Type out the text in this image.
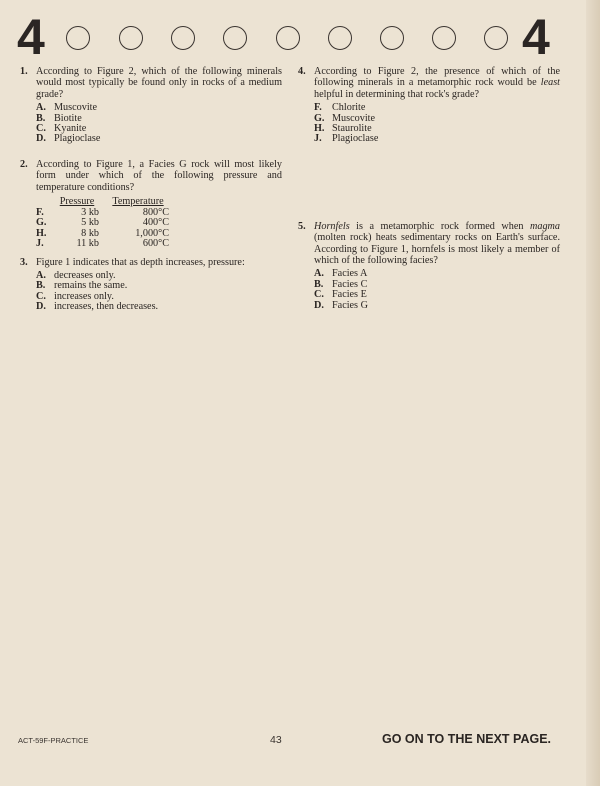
4	4
1. According to Figure 2, which of the following minerals would most typically be found only in rocks of a medium grade?
A. Muscovite
B. Biotite
C. Kyanite
D. Plagioclase
2. According to Figure 1, a Facies G rock will most likely form under which of the following pressure and temperature conditions?
	Pressure	Temperature
F.	3 kb	800°C
G.	5 kb	400°C
H.	8 kb	1,000°C
J.	11 kb	600°C
3. Figure 1 indicates that as depth increases, pressure:
A. decreases only.
B. remains the same.
C. increases only.
D. increases, then decreases.
4. According to Figure 2, the presence of which of the following minerals in a metamorphic rock would be least helpful in determining that rock's grade?
F. Chlorite
G. Muscovite
H. Staurolite
J. Plagioclase
5. Hornfels is a metamorphic rock formed when magma (molten rock) heats sedimentary rocks on Earth's surface. According to Figure 1, hornfels is most likely a member of which of the following facies?
A. Facies A
B. Facies C
C. Facies E
D. Facies G
ACT-59F-PRACTICE	43	GO ON TO THE NEXT PAGE.
